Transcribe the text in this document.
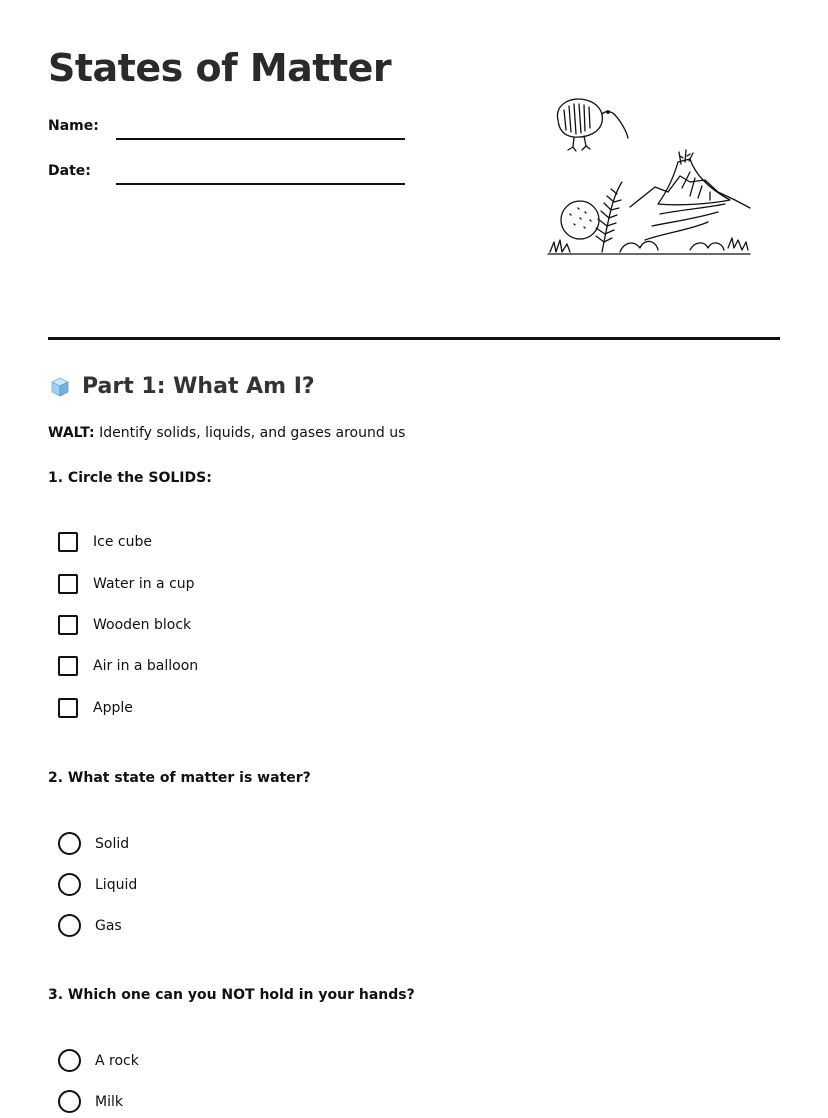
States of Matter
Name:
Date:
Part 1: What Am I?
WALT: Identify solids, liquids, and gases around us
1. Circle the SOLIDS:
Ice cube
Water in a cup
Wooden block
Air in a balloon
Apple
2. What state of matter is water?
Solid
Liquid
Gas
3. Which one can you NOT hold in your hands?
A rock
Milk
